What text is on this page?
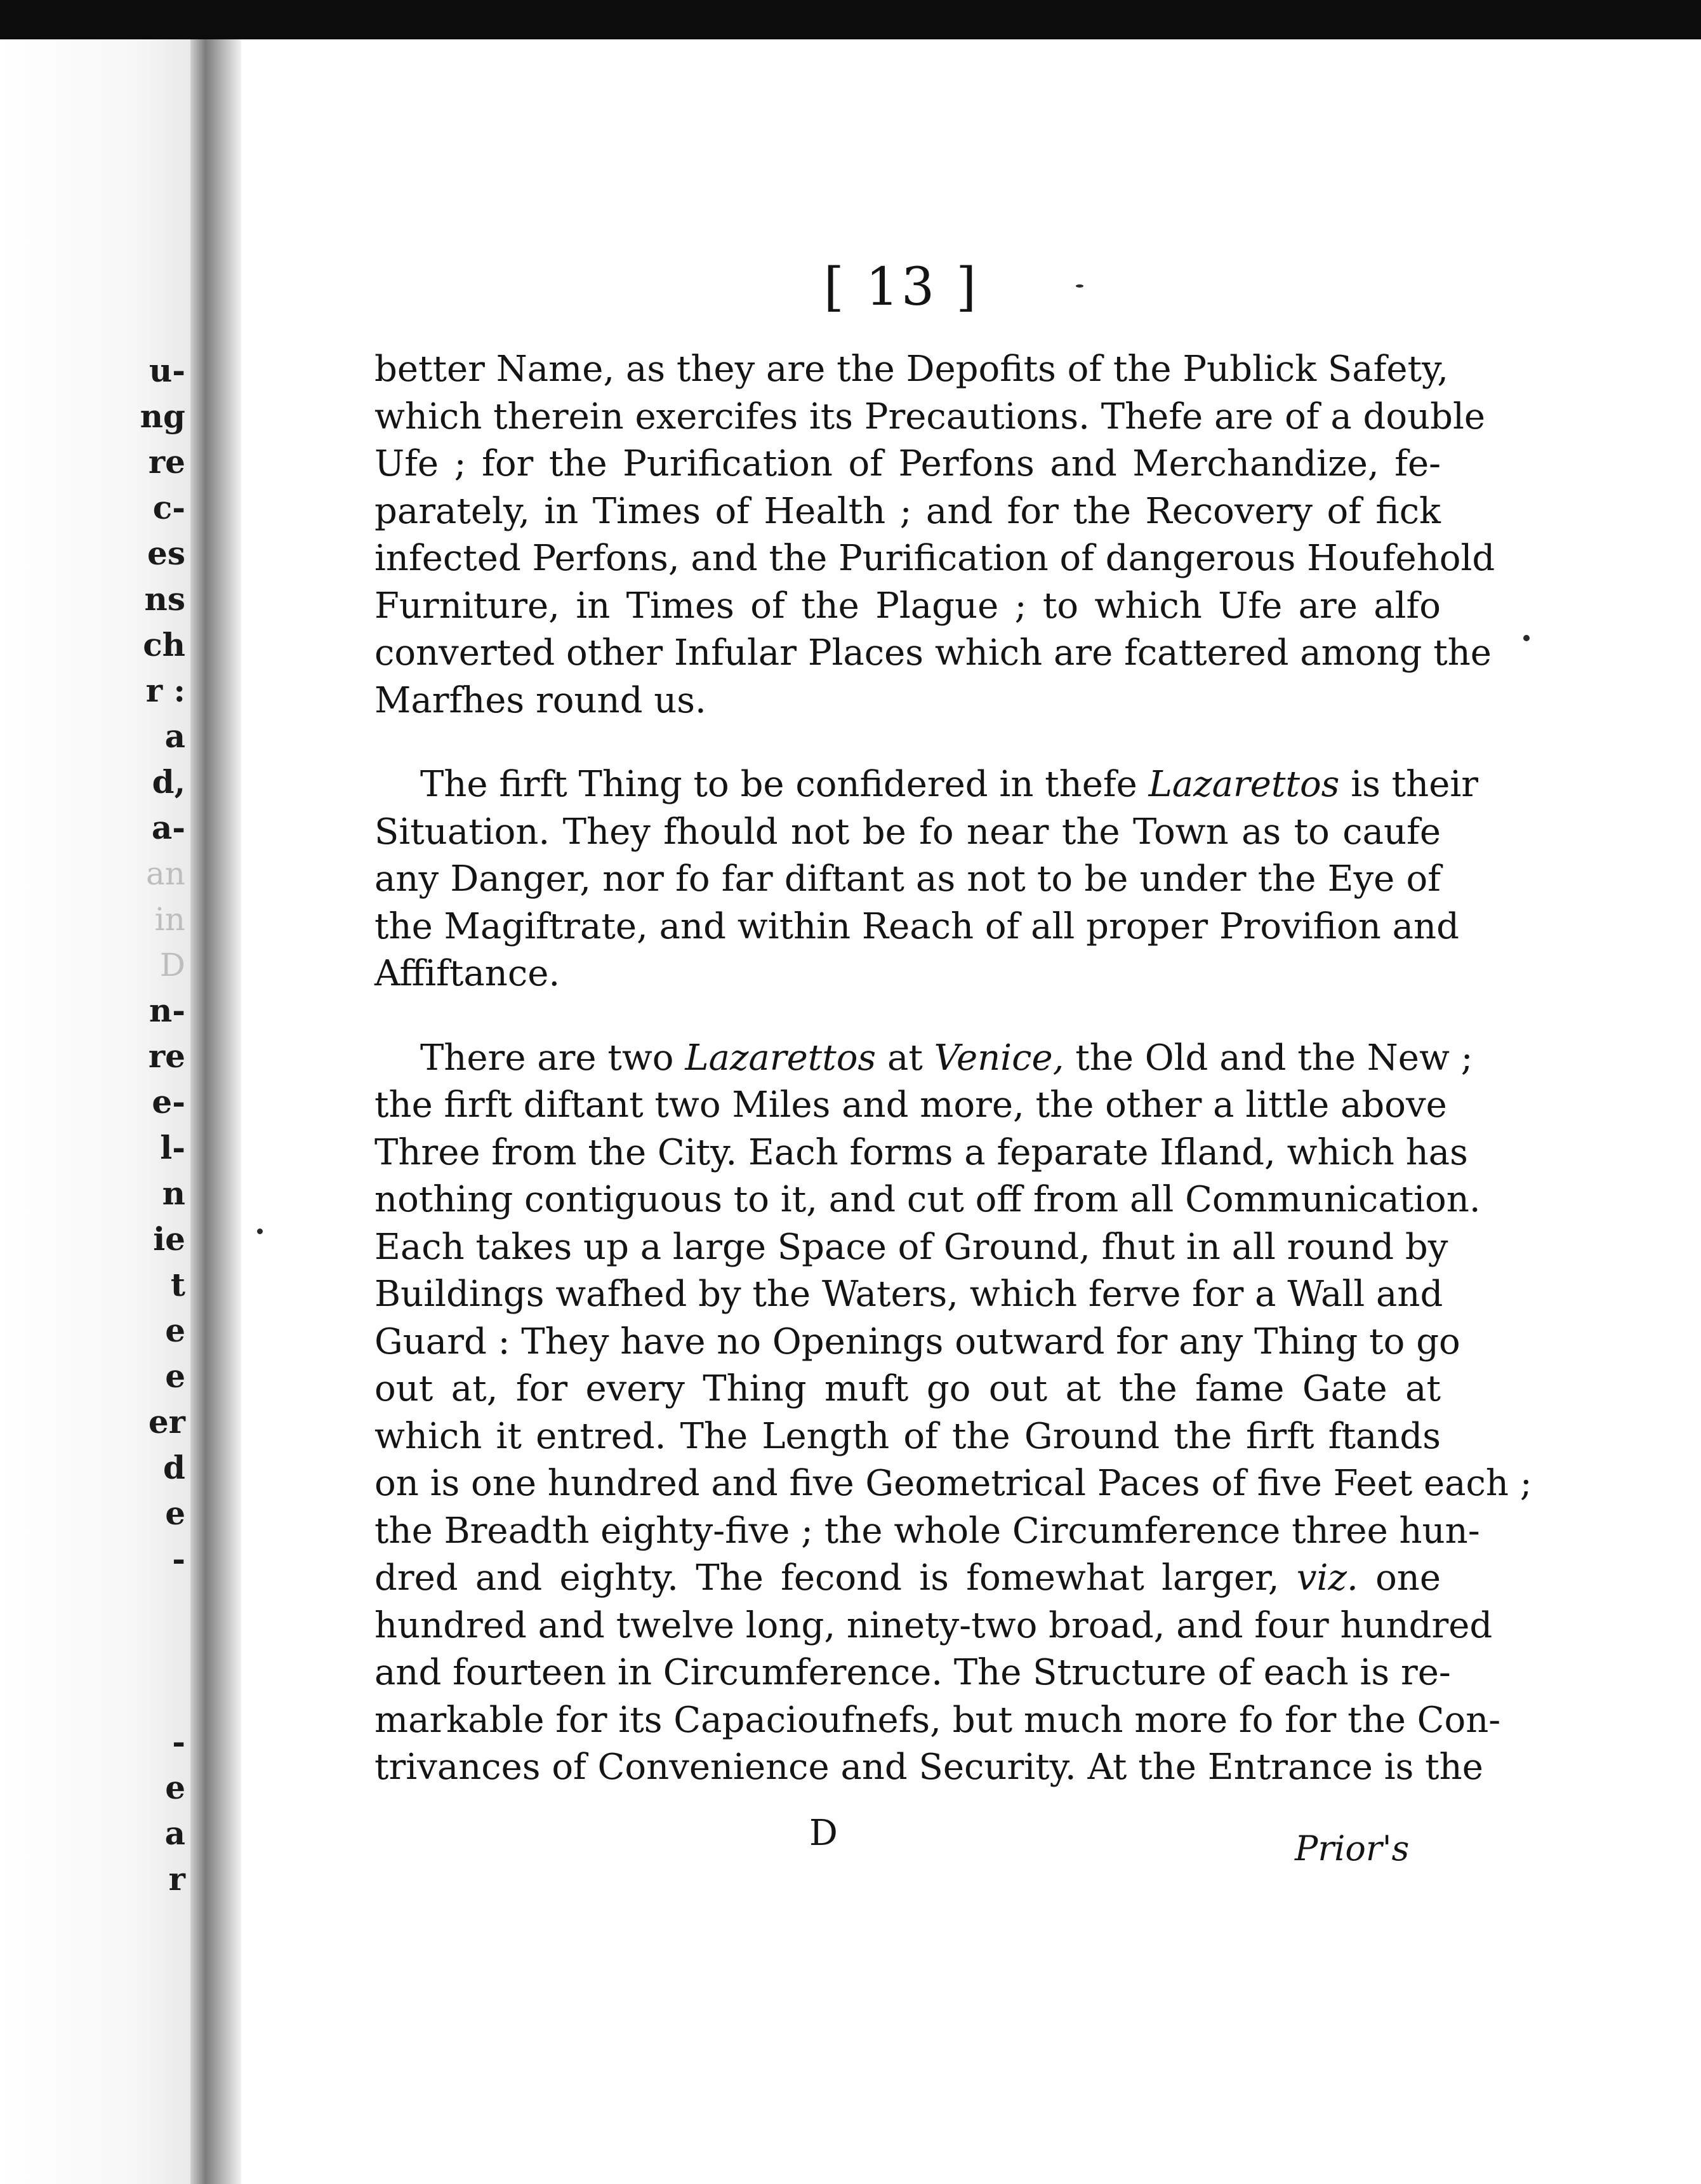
u-
ng
re
c-
es
ns
ch
r :
a
d,
a-
an
in
D
n-
re
e-
l-
n
ie
t
e
e
er
d
e
-
-
e
a
r
[ 13 ]
better Name, as they are the Depofits of the Publick Safety,
which therein exercifes its Precautions. Thefe are of a double
Ufe ; for the Purification of Perfons and Merchandize, fe-
parately, in Times of Health ; and for the Recovery of fick
infected Perfons, and the Purification of dangerous Houfehold
Furniture, in Times of the Plague ; to which Ufe are alfo
converted other Infular Places which are fcattered among the
Marfhes round us.
The firft Thing to be confidered in thefe Lazarettos is their
Situation. They fhould not be fo near the Town as to caufe
any Danger, nor fo far diftant as not to be under the Eye of
the Magiftrate, and within Reach of all proper Provifion and
Affiftance.
There are two Lazarettos at Venice, the Old and the New ;
the firft diftant two Miles and more, the other a little above
Three from the City. Each forms a feparate Ifland, which has
nothing contiguous to it, and cut off from all Communication.
Each takes up a large Space of Ground, fhut in all round by
Buildings wafhed by the Waters, which ferve for a Wall and
Guard : They have no Openings outward for any Thing to go
out at, for every Thing muft go out at the fame Gate at
which it entred. The Length of the Ground the firft ftands
on is one hundred and five Geometrical Paces of five Feet each ;
the Breadth eighty-five ; the whole Circumference three hun-
dred and eighty. The fecond is fomewhat larger, viz. one
hundred and twelve long, ninety-two broad, and four hundred
and fourteen in Circumference. The Structure of each is re-
markable for its Capacioufnefs, but much more fo for the Con-
trivances of Convenience and Security. At the Entrance is the

D	Prior's
